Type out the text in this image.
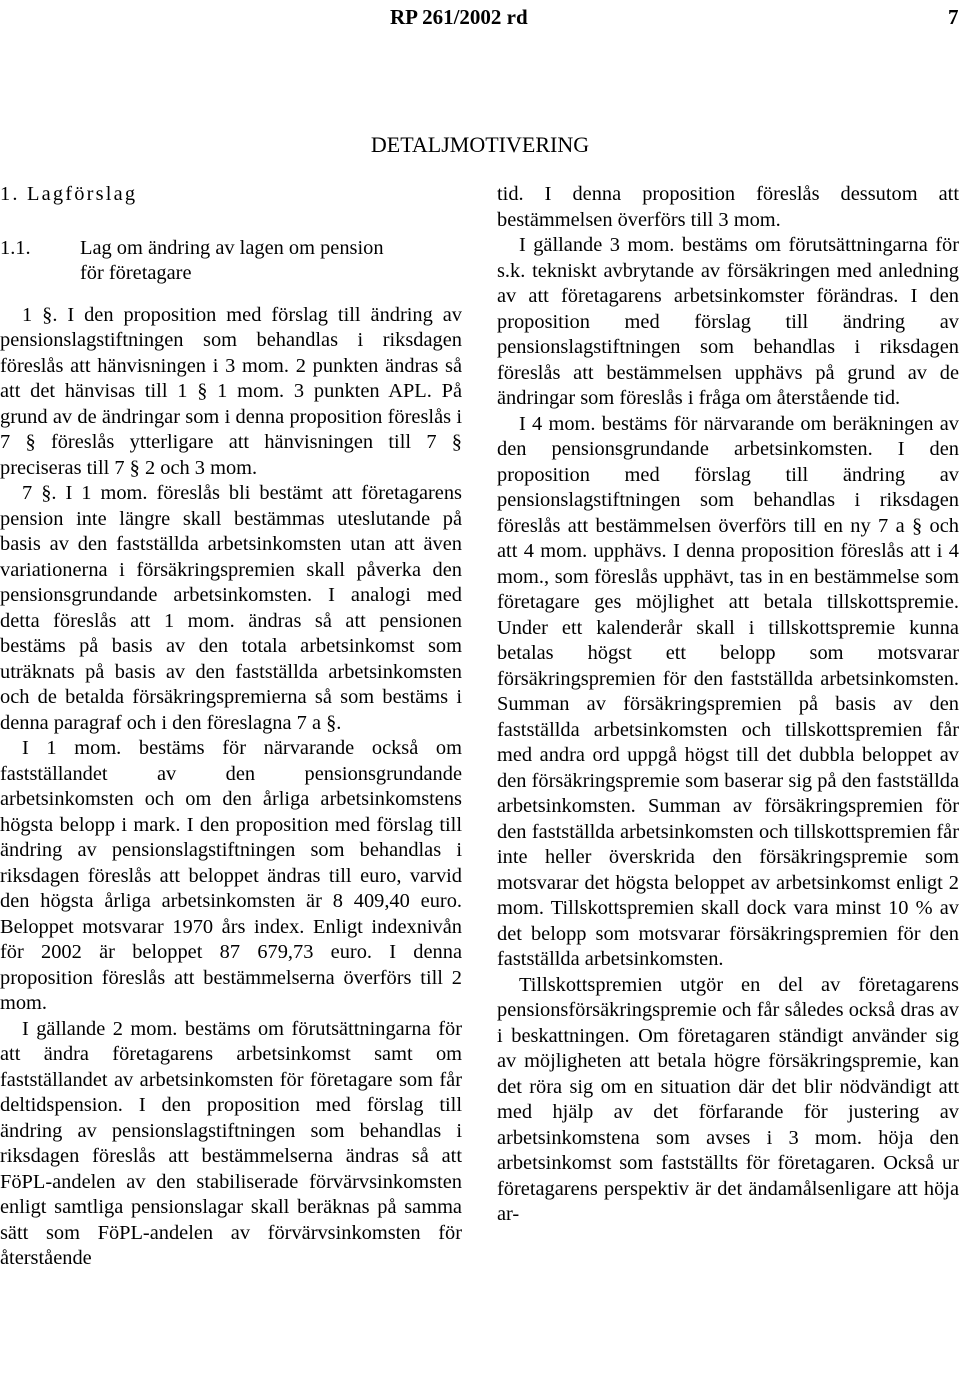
RP 261/2002 rd	7
DETALJMOTIVERING

1. Lagförslag

1.1.	Lag om ändring av lagen om pension
för företagare

1 §. I den proposition med förslag till ändring av pensionslagstiftningen som behandlas i riksdagen föreslås att hänvisningen i 3 mom. 2 punkten ändras så att det hänvisas till 1 § 1 mom. 3 punkten APL. På grund av de ändringar som i denna proposition föreslås i 7 § föreslås ytterligare att hänvisningen till 7 § preciseras till 7 § 2 och 3 mom.

7 §. I 1 mom. föreslås bli bestämt att företagarens pension inte längre skall bestämmas uteslutande på basis av den fastställda arbetsinkomsten utan att även variationerna i försäkringspremien skall påverka den pensionsgrundande arbetsinkomsten. I analogi med detta föreslås att 1 mom. ändras så att pensionen bestäms på basis av den totala arbetsinkomst som uträknats på basis av den fastställda arbetsinkomsten och de betalda försäkringspremierna så som bestäms i denna paragraf och i den föreslagna 7 a §.

I 1 mom. bestäms för närvarande också om fastställandet av den pensionsgrundande arbetsinkomsten och om den årliga arbetsinkomstens högsta belopp i mark. I den proposition med förslag till ändring av pensionslagstiftningen som behandlas i riksdagen föreslås att beloppet ändras till euro, varvid den högsta årliga arbetsinkomsten är 8 409,40 euro. Beloppet motsvarar 1970 års index. Enligt indexnivån för 2002 är beloppet 87 679,73 euro. I denna proposition föreslås att bestämmelserna överförs till 2 mom.

I gällande 2 mom. bestäms om förutsättningarna för att ändra företagarens arbetsinkomst samt om fastställandet av arbetsinkomsten för företagare som får deltidspension. I den proposition med förslag till ändring av pensionslagstiftningen som behandlas i riksdagen föreslås att bestämmelserna ändras så att FöPL-andelen av den stabiliserade förvärvsinkomsten enligt samtliga pensionslagar skall beräknas på samma sätt som FöPL-andelen av förvärvsinkomsten för återstående

tid. I denna proposition föreslås dessutom att bestämmelsen överförs till 3 mom.

I gällande 3 mom. bestäms om förutsättningarna för s.k. tekniskt avbrytande av försäkringen med anledning av att företagarens arbetsinkomster förändras. I den proposition med förslag till ändring av pensionslagstiftningen som behandlas i riksdagen föreslås att bestämmelsen upphävs på grund av de ändringar som föreslås i fråga om återstående tid.

I 4 mom. bestäms för närvarande om beräkningen av den pensionsgrundande arbetsinkomsten. I den proposition med förslag till ändring av pensionslagstiftningen som behandlas i riksdagen föreslås att bestämmelsen överförs till en ny 7 a § och att 4 mom. upphävs. I denna proposition föreslås att i 4 mom., som föreslås upphävt, tas in en bestämmelse som företagare ges möjlighet att betala tillskottspremie. Under ett kalenderår skall i tillskottspremie kunna betalas högst ett belopp som motsvarar försäkringspremien för den fastställda arbetsinkomsten. Summan av försäkringspremien på basis av den fastställda arbetsinkomsten och tillskottspremien får med andra ord uppgå högst till det dubbla beloppet av den försäkringspremie som baserar sig på den fastställda arbetsinkomsten. Summan av försäkringspremien för den fastställda arbetsinkomsten och tillskottspremien får inte heller överskrida den försäkringspremie som motsvarar det högsta beloppet av arbetsinkomst enligt 2 mom. Tillskottspremien skall dock vara minst 10 % av det belopp som motsvarar försäkringspremien för den fastställda arbetsinkomsten.

Tillskottspremien utgör en del av företagarens pensionsförsäkringspremie och får således också dras av i beskattningen. Om företagaren ständigt använder sig av möjligheten att betala högre försäkringspremie, kan det röra sig om en situation där det blir nödvändigt att med hjälp av det förfarande för justering av arbetsinkomstena som avses i 3 mom. höja den arbetsinkomst som fastställts för företagaren. Också ur företagarens perspektiv är det ändamålsenligare att höja ar-
